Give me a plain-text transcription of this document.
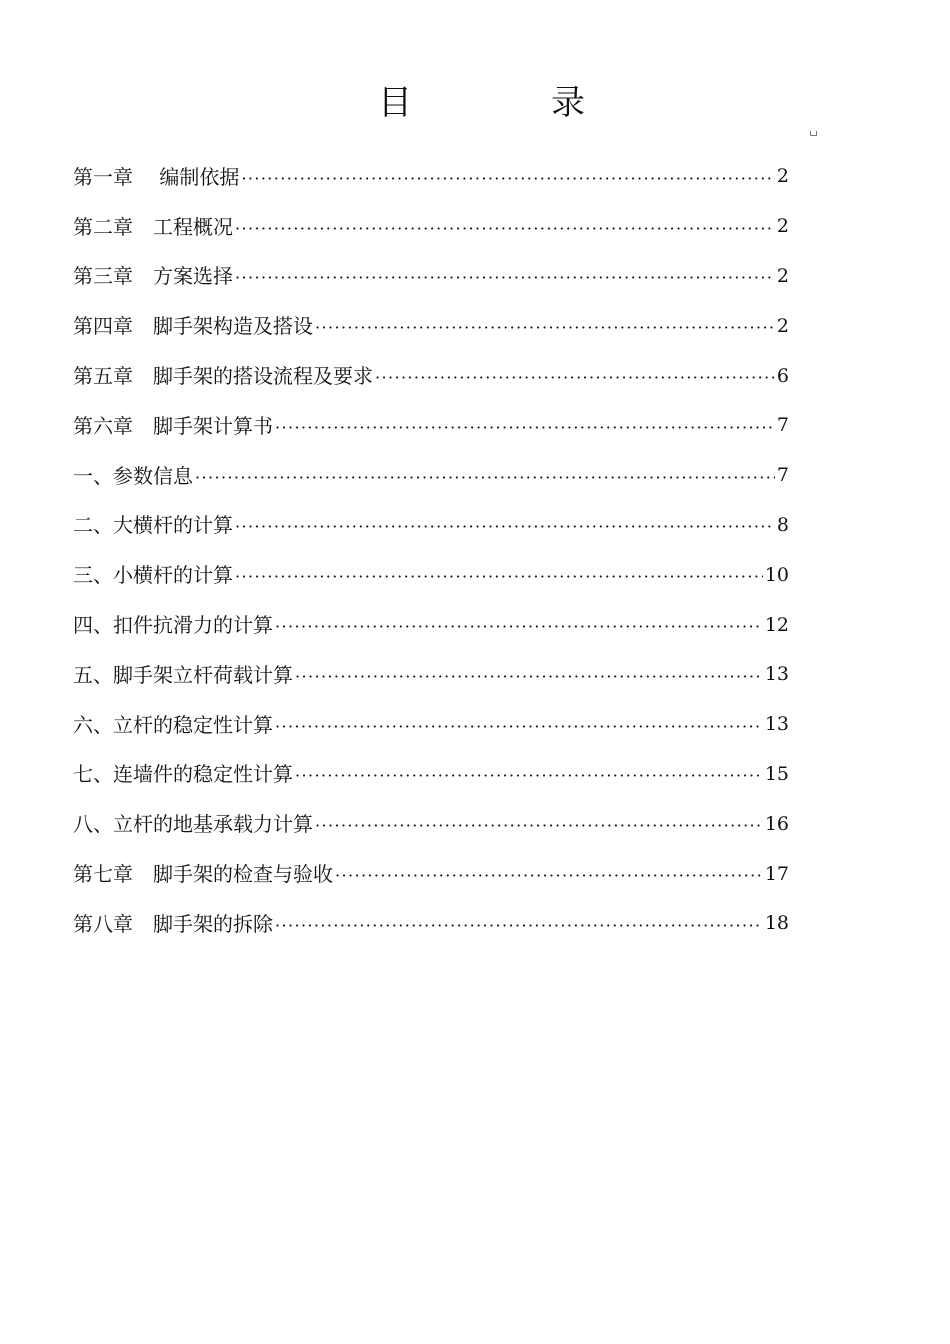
目	录
第一章　 编制依据 ·····	2
第二章　工程概况 ·····	2
第三章　方案选择 ·····	2
第四章　脚手架构造及搭设 ·····	2
第五章　脚手架的搭设流程及要求 ·····	6
第六章　脚手架计算书 ·····	7
一、参数信息 ·····	7
二、大横杆的计算 ·····	8
三、小横杆的计算 ·····	10
四、扣件抗滑力的计算 ·····	12
五、脚手架立杆荷载计算 ·····	13
六、立杆的稳定性计算 ·····	13
七、连墙件的稳定性计算 ·····	15
八、立杆的地基承载力计算 ·····	16
第七章　脚手架的检查与验收 ·····	17
第八章　脚手架的拆除 ·····	18
